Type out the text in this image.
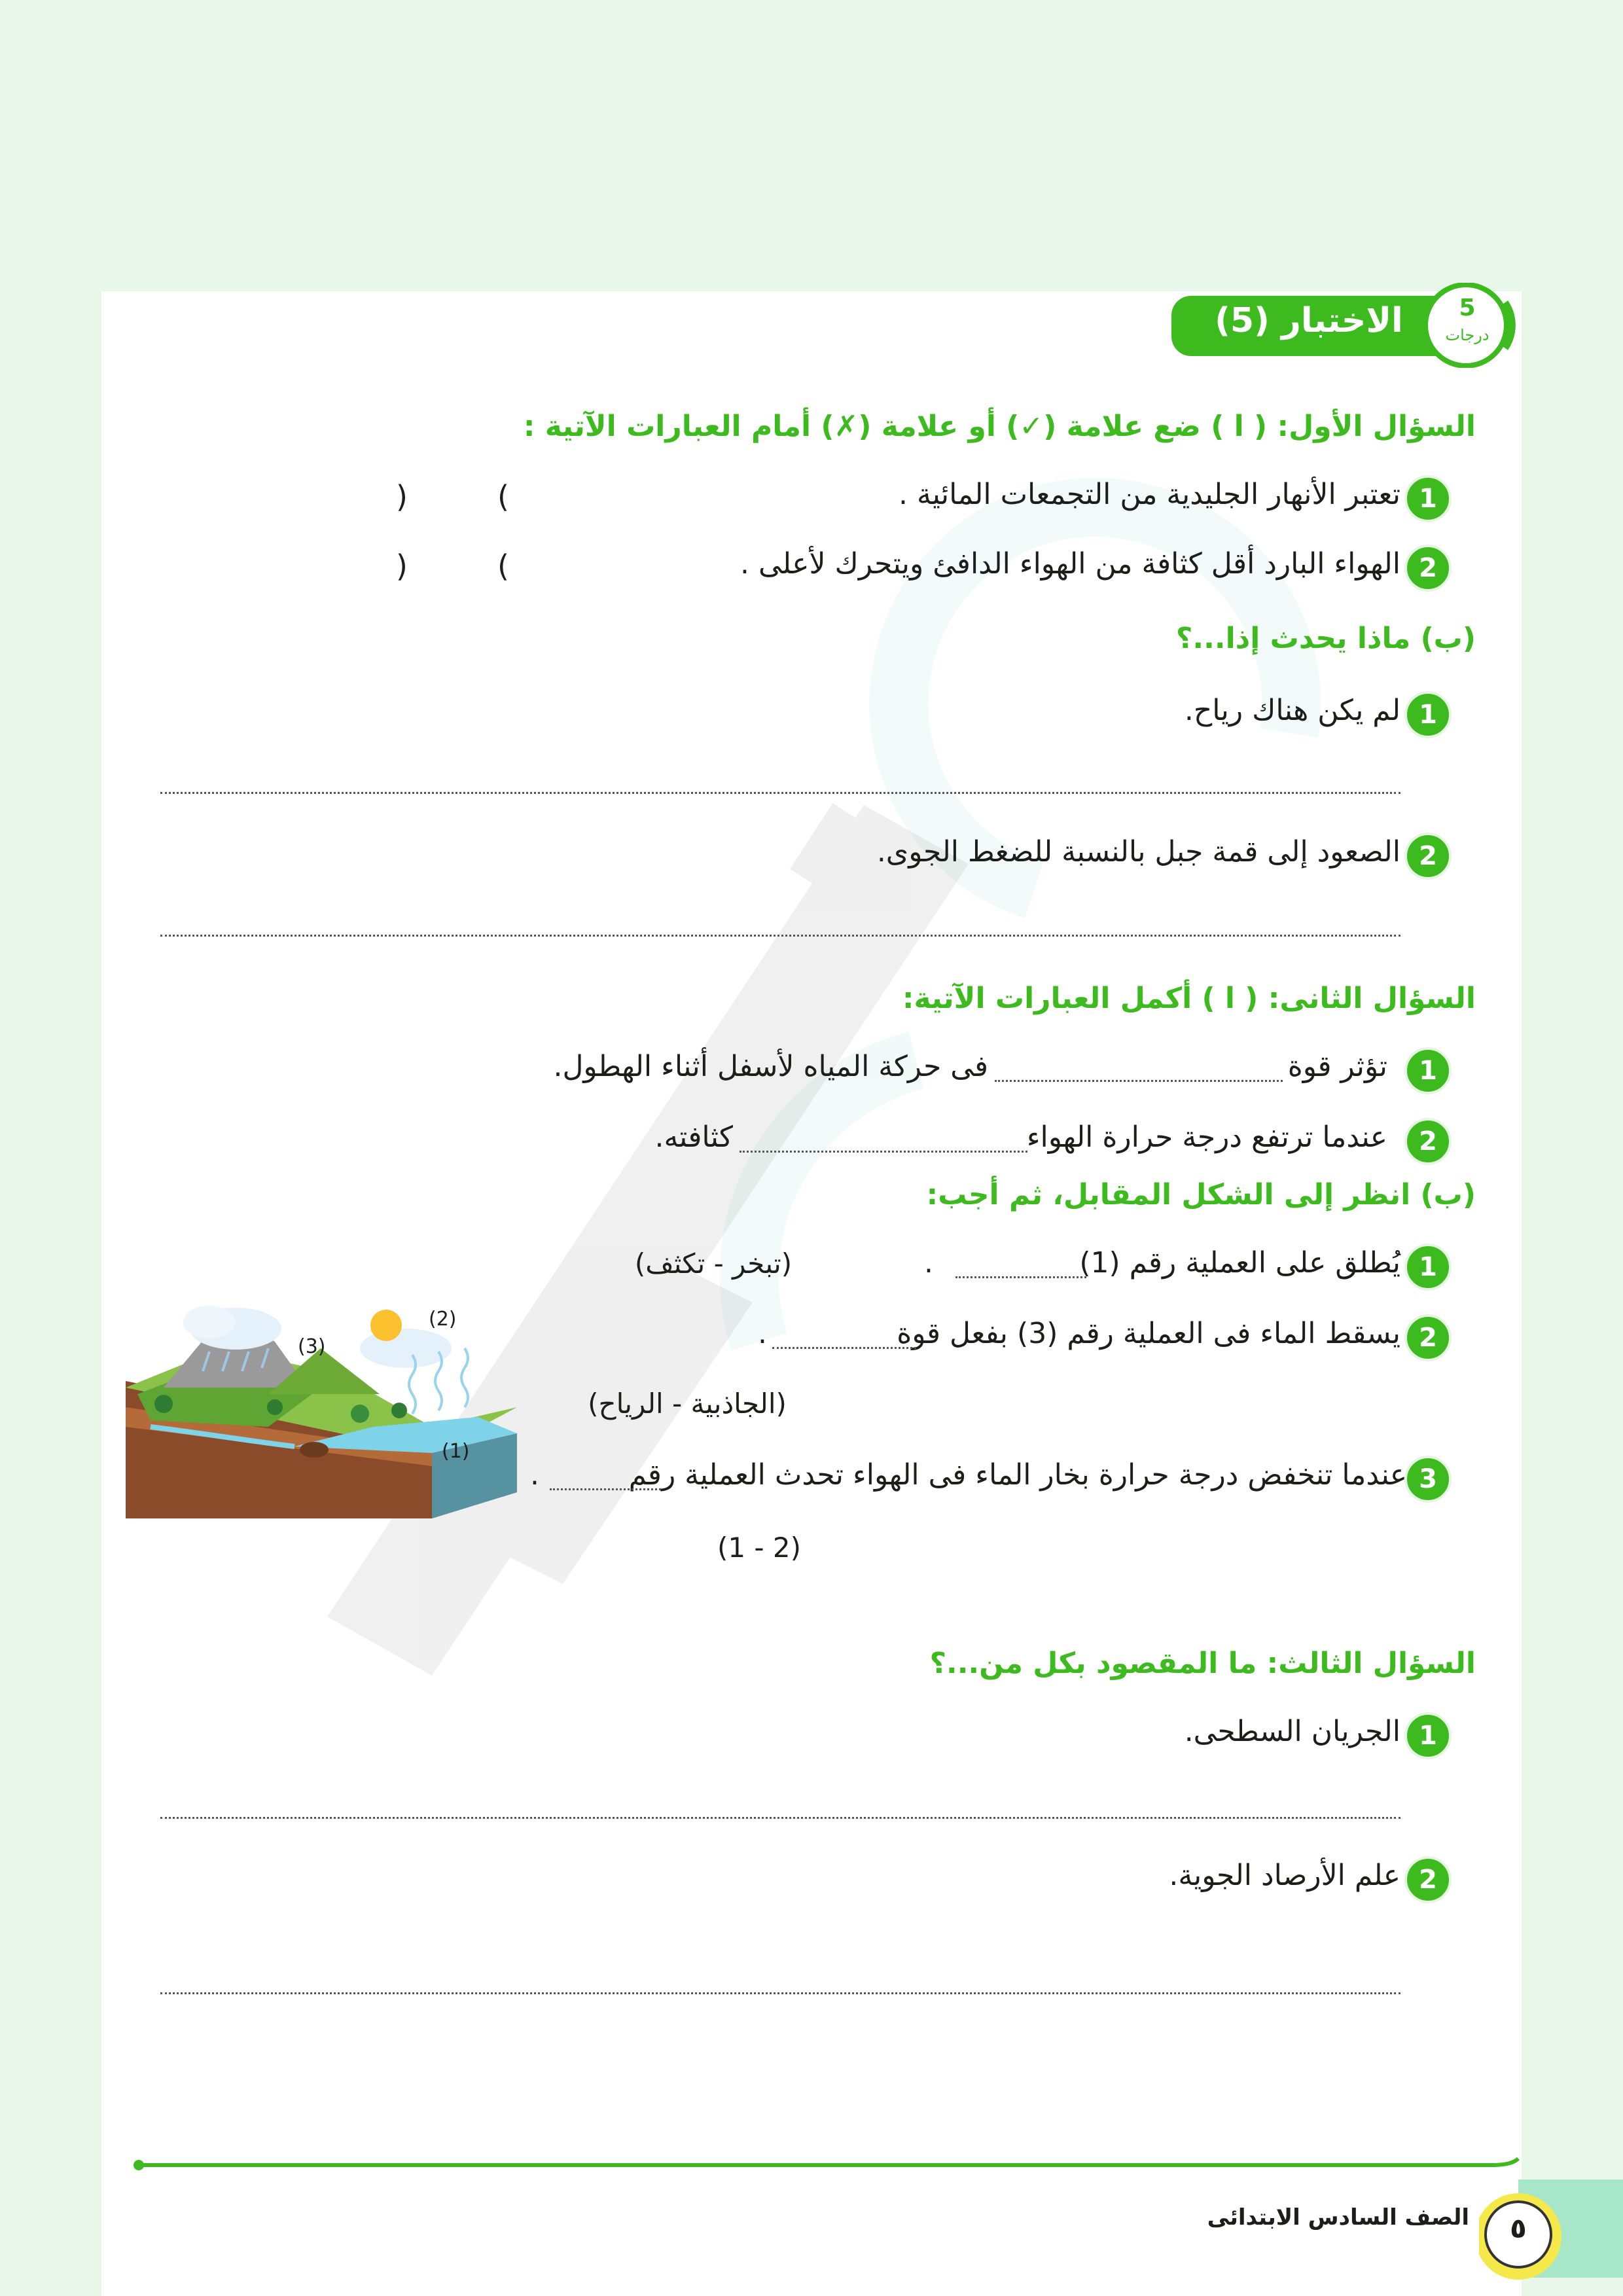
الاختبار (5)	5
درجات
السؤال الأول: ( ا ) ضع علامة (✓) أو علامة (✗) أمام العبارات الآتية :
1
تعتبر الأنهار الجليدية من التجمعات المائية .
(
)
2
الهواء البارد أقل كثافة من الهواء الدافئ ويتحرك لأعلى .
(
)
(ب) ماذا يحدث إذا...؟
1
لم يكن هناك رياح.
2
الصعود إلى قمة جبل بالنسبة للضغط الجوى.
السؤال الثانى: ( ا ) أكمل العبارات الآتية:
1
تؤثر قوة
فى حركة المياه لأسفل أثناء الهطول.
2
عندما ترتفع درجة حرارة الهواء
كثافته.
(ب) انظر إلى الشكل المقابل، ثم أجب:
1
يُطلق على العملية رقم (1)
.
(تبخر - تكثف)
2
يسقط الماء فى العملية رقم (3) بفعل قوة
.
(الجاذبية - الرياح)
3
عندما تنخفض درجة حرارة بخار الماء فى الهواء تحدث العملية رقم
.
(1 - 2)
(2)
(3)
(1)
السؤال الثالث: ما المقصود بكل من...؟
1
الجريان السطحى.
2
علم الأرصاد الجوية.
٥
الصف السادس الابتدائى
